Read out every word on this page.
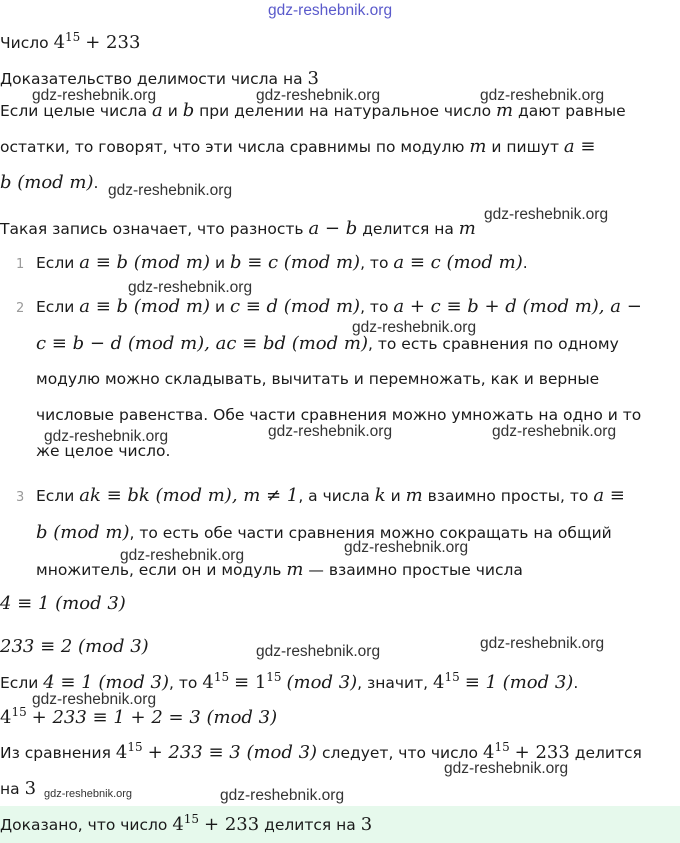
gdz-reshebnik.org
Число $4^{15} + 233$
Доказательство делимости числа на 3
gdz-reshebnik.org	gdz-reshebnik.org	gdz-reshebnik.org
Если целые числа a и b при делении на натуральное число m дают равные
остатки, то говорят, что эти числа сравнимы по модулю m и пишут a ≡
b (mod m). gdz-reshebnik.org
gdz-reshebnik.org
Такая запись означает, что разность a − b делится на m
1 Если a ≡ b (mod m) и b ≡ c (mod m), то a ≡ c (mod m).
gdz-reshebnik.org
2 Если a ≡ b (mod m) и c ≡ d (mod m), то a + c ≡ b + d (mod m), a −
gdz-reshebnik.org
c ≡ b − d (mod m), ac ≡ bd (mod m), то есть сравнения по одному
модулю можно складывать, вычитать и перемножать, как и верные
числовые равенства. Обе части сравнения можно умножать на одно и то
gdz-reshebnik.org	gdz-reshebnik.org	gdz-reshebnik.org
же целое число.
3 Если ak ≡ bk (mod m), m ≠ 1, а числа k и m взаимно просты, то a ≡
b (mod m), то есть обе части сравнения можно сокращать на общий
gdz-reshebnik.org
gdz-reshebnik.org
множитель, если он и модуль m — взаимно простые числа
4 ≡ 1 (mod 3)
233 ≡ 2 (mod 3)	gdz-reshebnik.org	gdz-reshebnik.org
Если 4 ≡ 1 (mod 3), то $4^{15} \equiv 1^{15}$ (mod 3), значит, $4^{15} \equiv 1$ (mod 3).
gdz-reshebnik.org
$4^{15} + 233 \equiv 1 + 2 = 3$ (mod 3)
Из сравнения $4^{15} + 233 \equiv 3$ (mod 3) следует, что число $4^{15} + 233$ делится
gdz-reshebnik.org
на 3 gdz-reshebnik.org	gdz-reshebnik.org
Доказано, что число $4^{15} + 233$ делится на 3
